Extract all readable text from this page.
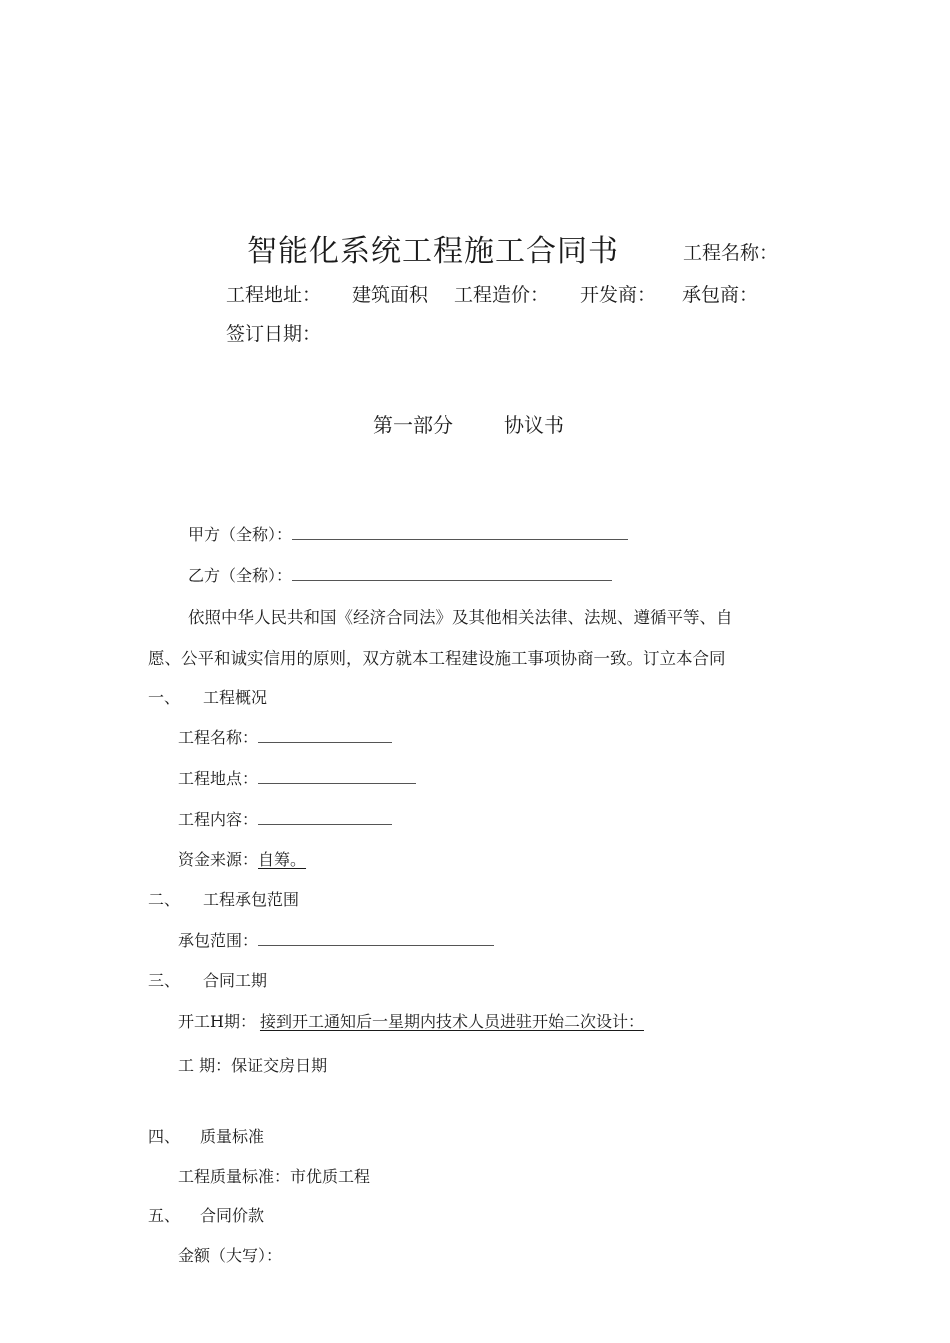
智能化系统工程施工合同书	工程名称：
工程地址： 建筑面积 工程造价： 开发商： 承包商：
签订日期：
第一部分	协议书
甲方（全称）：
乙方（全称）：
依照中华人民共和国《经济合同法》及其他相关法律、法规、遵循平等、自
愿、公平和诚实信用的原则，双方就本工程建设施工事项协商一致。订立本合同
一、 工程概况
工程名称：
工程地点：
工程内容：
资金来源：自筹。
二、 工程承包范围
承包范围：
三、 合同工期
开工H期： 接到开工通知后一星期内技术人员进驻开始二次设计：
工 期：保证交房日期
四、 质量标准
工程质量标准：市优质工程
五、 合同价款
金额（大写）：
